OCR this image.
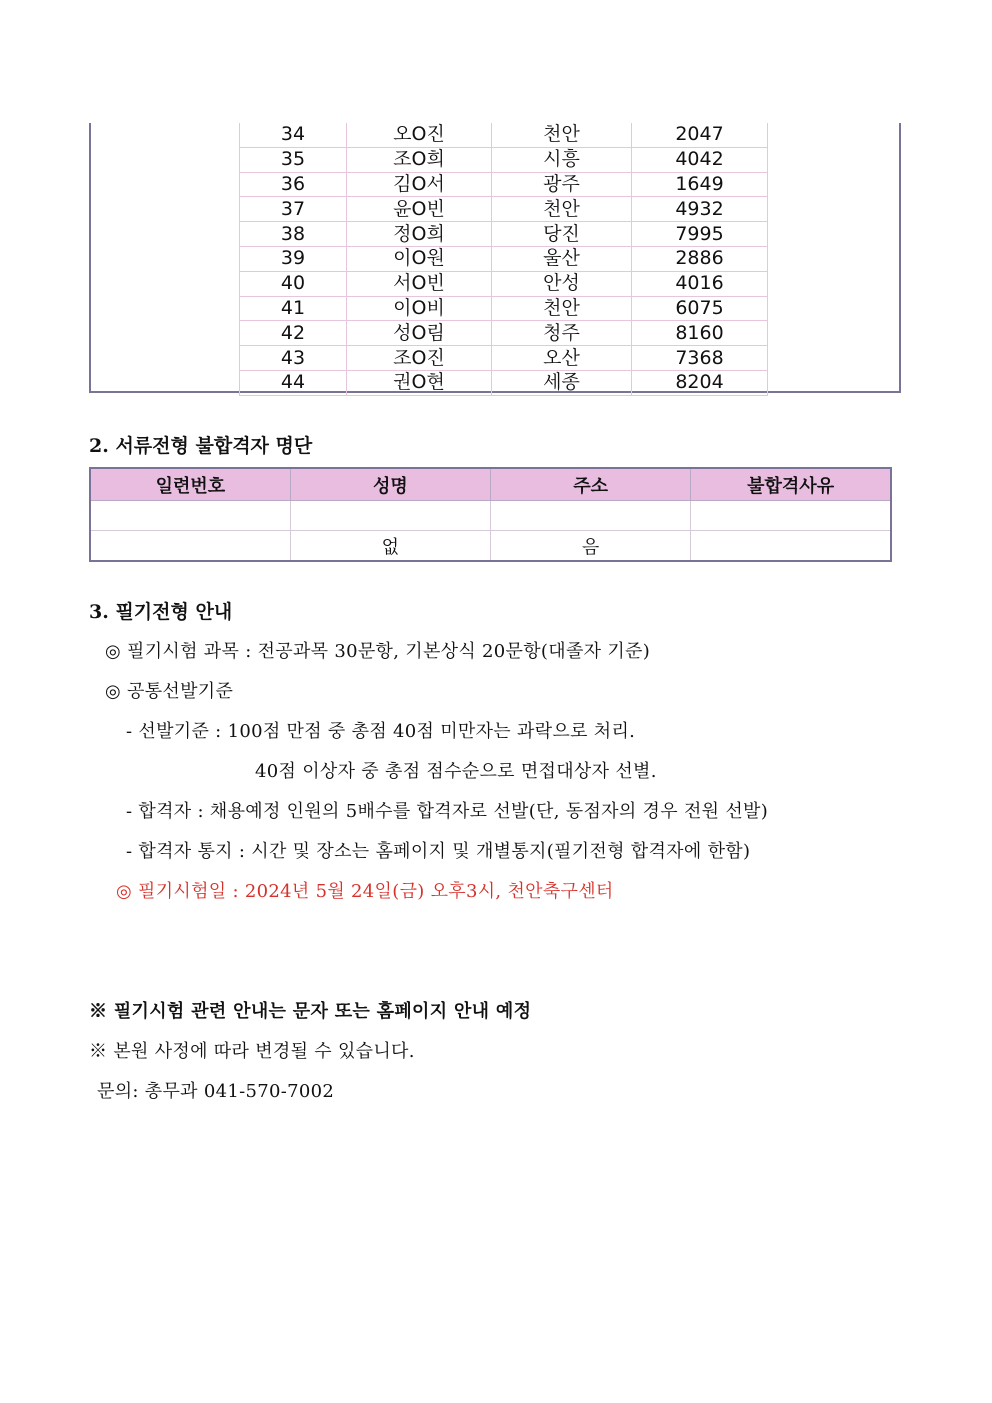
34	오O진	천안	2047
35	조O희	시흥	4042
36	김O서	광주	1649
37	윤O빈	천안	4932
38	정O희	당진	7995
39	이O원	울산	2886
40	서O빈	안성	4016
41	이O비	천안	6075
42	성O림	청주	8160
43	조O진	오산	7368
44	권O현	세종	8204
2. 서류전형 불합격자 명단
일련번호	성명	주소	불합격사유

	없	음	
3. 필기전형 안내
◎ 필기시험 과목 : 전공과목 30문항, 기본상식 20문항(대졸자 기준)
◎ 공통선발기준
- 선발기준 : 100점 만점 중 총점 40점 미만자는 과락으로 처리.
40점 이상자 중 총점 점수순으로 면접대상자 선별.
- 합격자 : 채용예정 인원의 5배수를 합격자로 선발(단, 동점자의 경우 전원 선발)
- 합격자 통지 : 시간 및 장소는 홈페이지 및 개별통지(필기전형 합격자에 한함)
◎ 필기시험일 : 2024년 5월 24일(금) 오후3시, 천안축구센터
※ 필기시험 관련 안내는 문자 또는 홈페이지 안내 예정
※ 본원 사정에 따라 변경될 수 있습니다.
문의: 총무과 041-570-7002
